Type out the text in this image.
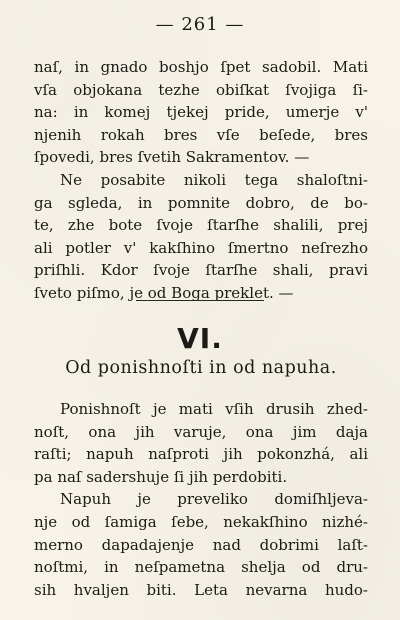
— 261 —
naſ, in gnado boshjo ſpet sadobil. Mati
vſa objokana tezhe obiſkat ſvojiga ſi-
na: in komej tjekej pride, umerje v'
njenih rokah bres vſe beſede, bres
ſpovedi, bres ſvetih Sakramentov. —
Ne posabite nikoli tega shaloſtni-
ga sgleda, in pomnite dobro, de bo-
te, zhe bote ſvoje ſtarſhe shalili, prej
ali potler v' kakſhino ſmertno neſrezho
priſhli. Kdor ſvoje ſtarſhe shali, pravi
ſveto piſmo, je od Boga preklet. —
VI.
Od ponishnoſti in od napuha.
Ponishnoſt je mati vſih drusih zhed-
noſt, ona jih varuje, ona jim daja
raſti; napuh naſproti jih pokonzhá, ali
pa naſ sadershuje ſi jih perdobiti.
Napuh je preveliko domiſhljeva-
nje od ſamiga ſebe, nekakſhino nizhé-
merno dapadajenje nad dobrimi laſt-
noſtmi, in neſpametna shelja od dru-
sih hvaljen biti. Leta nevarna hudo-
